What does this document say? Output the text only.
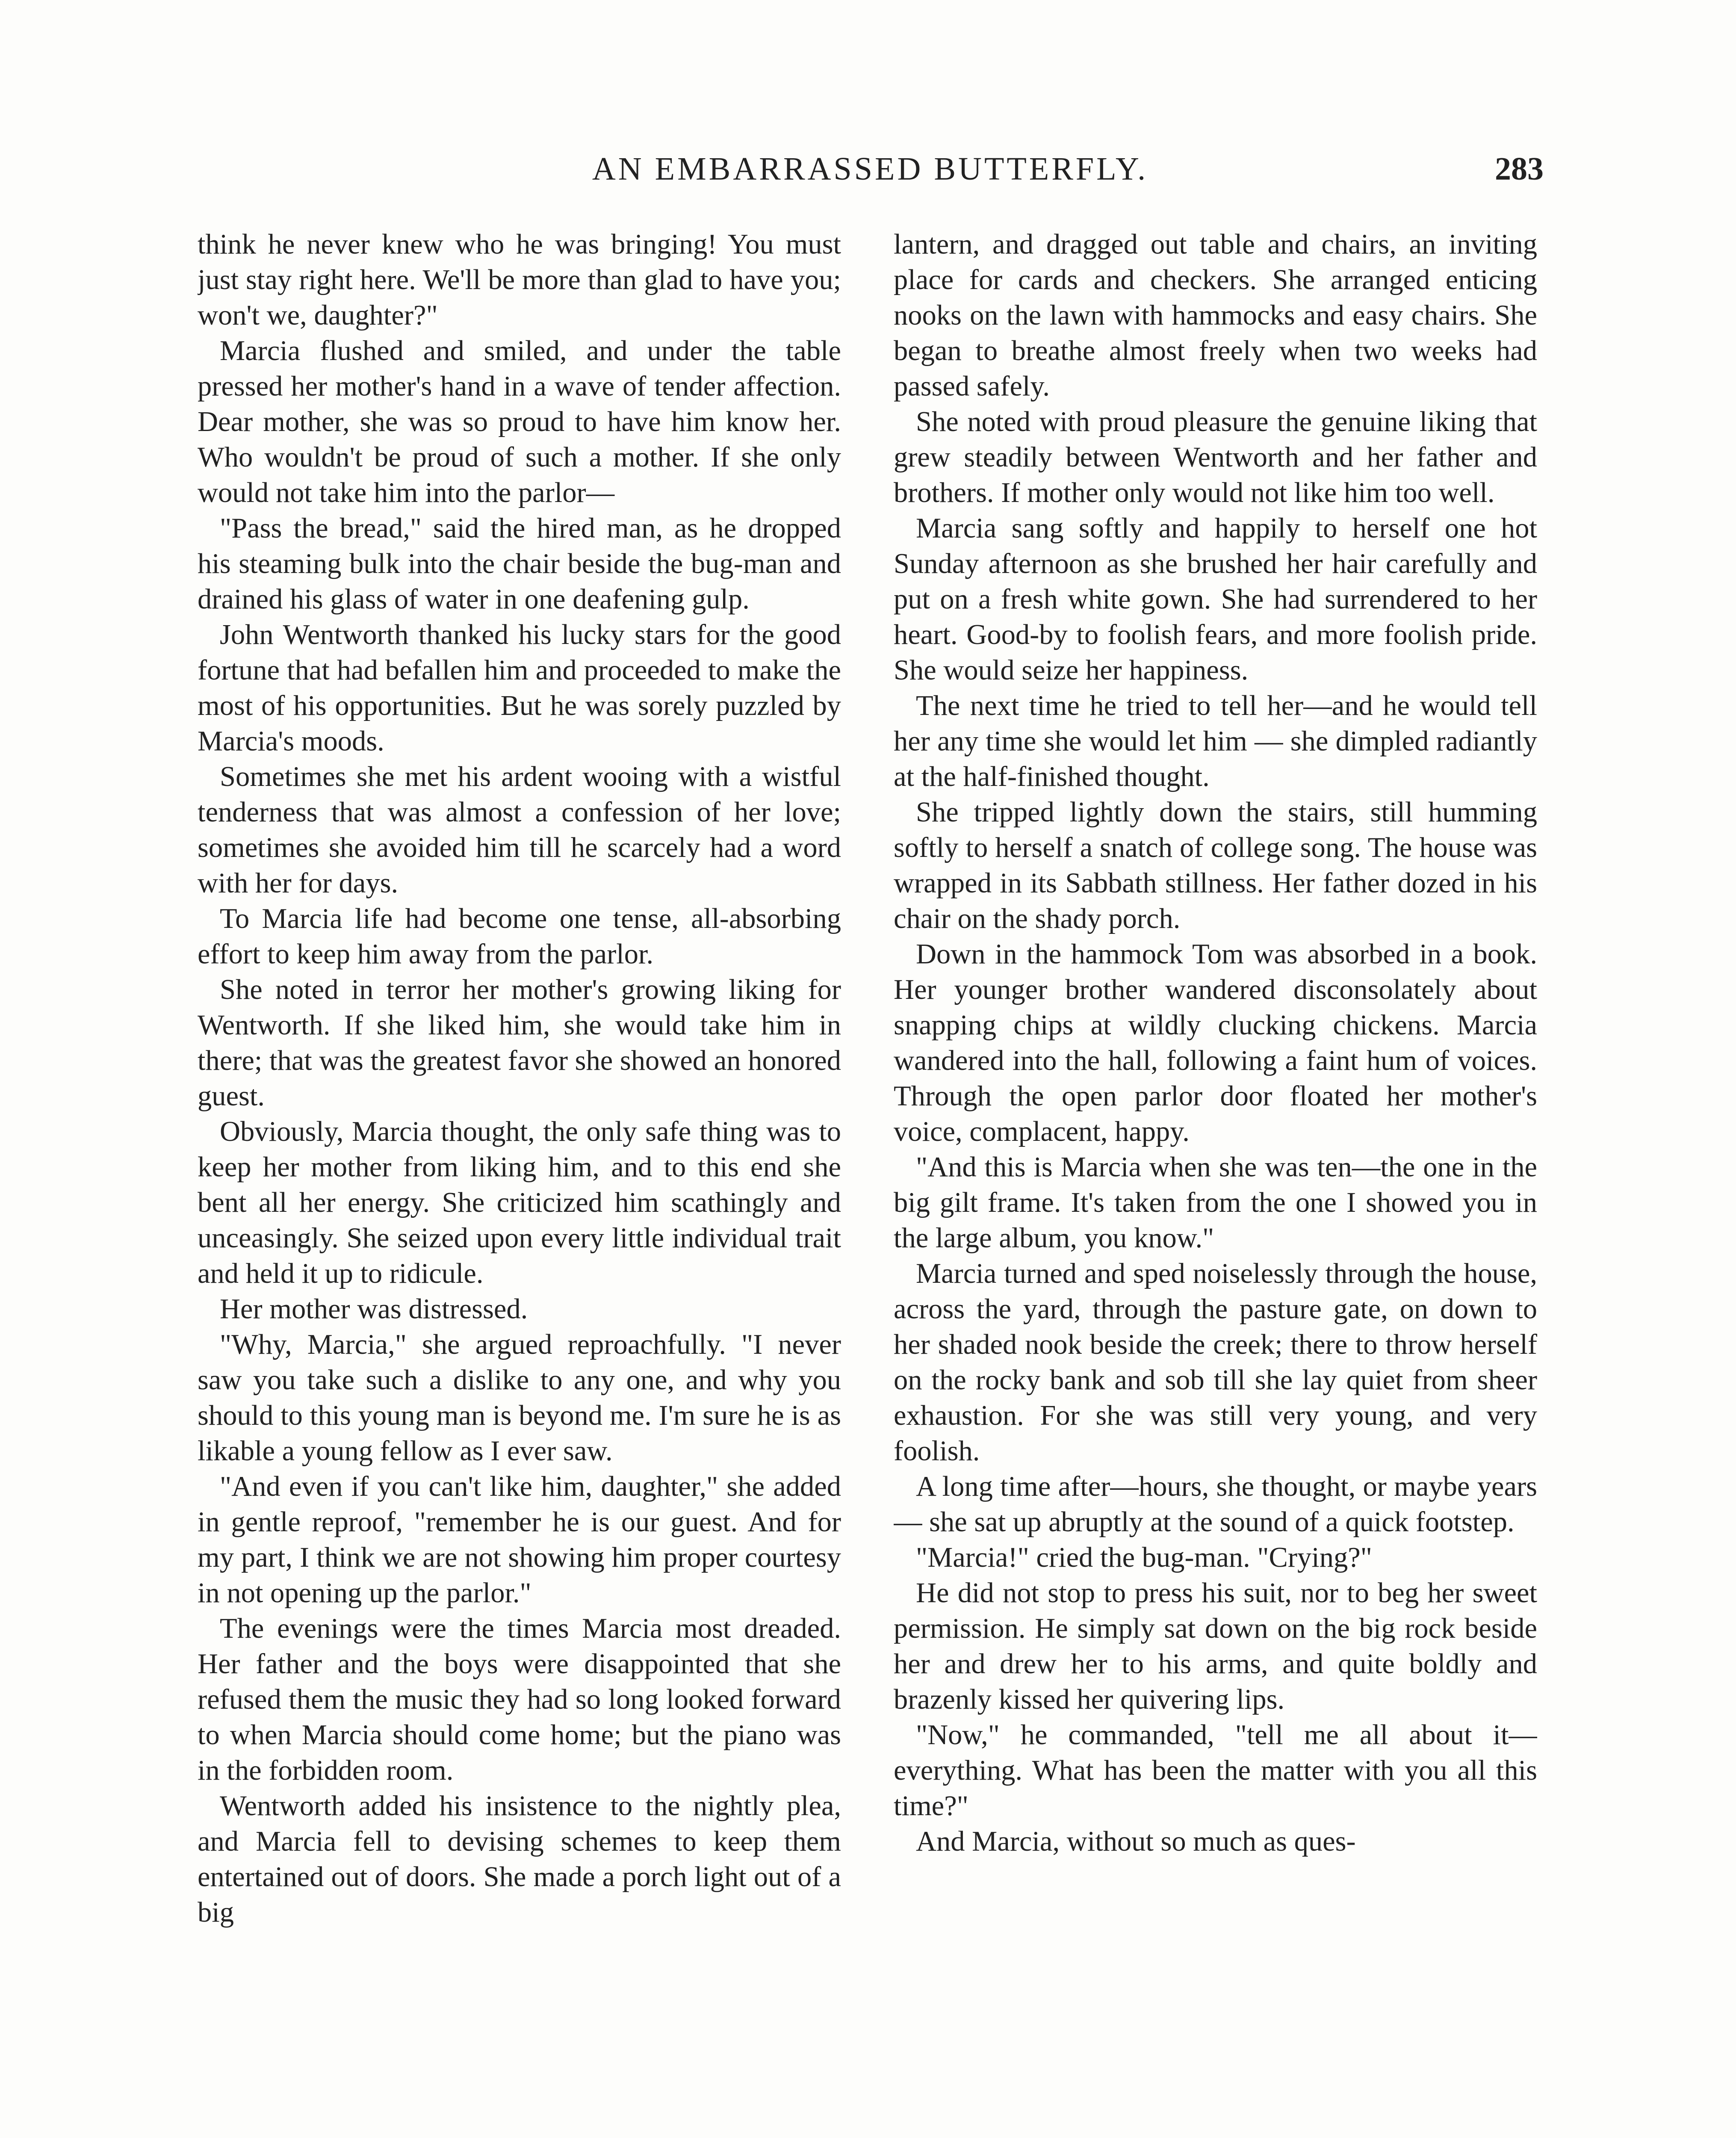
AN EMBARRASSED BUTTERFLY.	283

think he never knew who he was bringing! You must just stay right here. We'll be more than glad to have you; won't we, daughter?"

Marcia flushed and smiled, and under the table pressed her mother's hand in a wave of tender affection. Dear mother, she was so proud to have him know her. Who wouldn't be proud of such a mother. If she only would not take him into the parlor—

"Pass the bread," said the hired man, as he dropped his steaming bulk into the chair beside the bug-man and drained his glass of water in one deafening gulp.

John Wentworth thanked his lucky stars for the good fortune that had befallen him and proceeded to make the most of his opportunities. But he was sorely puzzled by Marcia's moods.

Sometimes she met his ardent wooing with a wistful tenderness that was almost a confession of her love; sometimes she avoided him till he scarcely had a word with her for days.

To Marcia life had become one tense, all-absorbing effort to keep him away from the parlor.

She noted in terror her mother's growing liking for Wentworth. If she liked him, she would take him in there; that was the greatest favor she showed an honored guest.

Obviously, Marcia thought, the only safe thing was to keep her mother from liking him, and to this end she bent all her energy. She criticized him scathingly and unceasingly. She seized upon every little individual trait and held it up to ridicule.

Her mother was distressed.

"Why, Marcia," she argued reproachfully. "I never saw you take such a dislike to any one, and why you should to this young man is beyond me. I'm sure he is as likable a young fellow as I ever saw.

"And even if you can't like him, daughter," she added in gentle reproof, "remember he is our guest. And for my part, I think we are not showing him proper courtesy in not opening up the parlor."

The evenings were the times Marcia most dreaded. Her father and the boys were disappointed that she refused them the music they had so long looked forward to when Marcia should come home; but the piano was in the forbidden room.

Wentworth added his insistence to the nightly plea, and Marcia fell to devising schemes to keep them entertained out of doors. She made a porch light out of a big

lantern, and dragged out table and chairs, an inviting place for cards and checkers. She arranged enticing nooks on the lawn with hammocks and easy chairs. She began to breathe almost freely when two weeks had passed safely.

She noted with proud pleasure the genuine liking that grew steadily between Wentworth and her father and brothers. If mother only would not like him too well.

Marcia sang softly and happily to herself one hot Sunday afternoon as she brushed her hair carefully and put on a fresh white gown. She had surrendered to her heart. Good-by to foolish fears, and more foolish pride. She would seize her happiness.

The next time he tried to tell her—and he would tell her any time she would let him — she dimpled radiantly at the half-finished thought.

She tripped lightly down the stairs, still humming softly to herself a snatch of college song. The house was wrapped in its Sabbath stillness. Her father dozed in his chair on the shady porch.

Down in the hammock Tom was absorbed in a book. Her younger brother wandered disconsolately about snapping chips at wildly clucking chickens. Marcia wandered into the hall, following a faint hum of voices. Through the open parlor door floated her mother's voice, complacent, happy.

"And this is Marcia when she was ten—the one in the big gilt frame. It's taken from the one I showed you in the large album, you know."

Marcia turned and sped noiselessly through the house, across the yard, through the pasture gate, on down to her shaded nook beside the creek; there to throw herself on the rocky bank and sob till she lay quiet from sheer exhaustion. For she was still very young, and very foolish.

A long time after—hours, she thought, or maybe years — she sat up abruptly at the sound of a quick footstep.

"Marcia!" cried the bug-man. "Crying?"

He did not stop to press his suit, nor to beg her sweet permission. He simply sat down on the big rock beside her and drew her to his arms, and quite boldly and brazenly kissed her quivering lips.

"Now," he commanded, "tell me all about it—everything. What has been the matter with you all this time?"

And Marcia, without so much as ques-
